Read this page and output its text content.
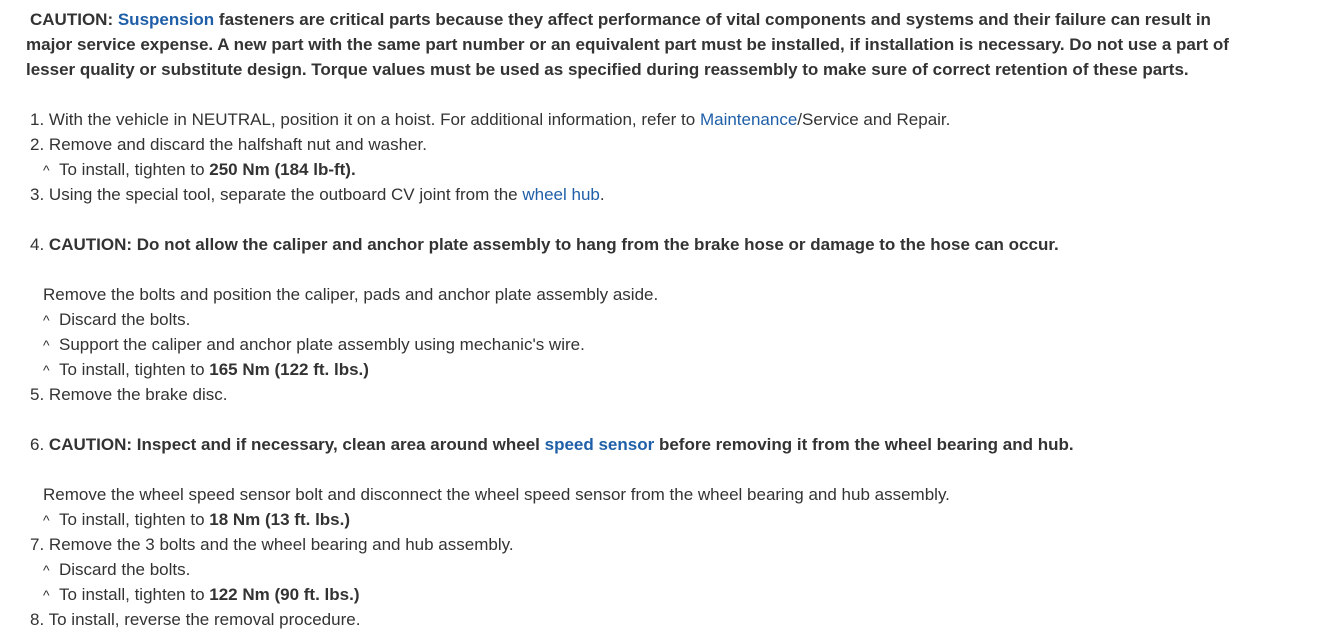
CAUTION: Suspension fasteners are critical parts because they affect performance of vital components and systems and their failure can result in major service expense. A new part with the same part number or an equivalent part must be installed, if installation is necessary. Do not use a part of lesser quality or substitute design. Torque values must be used as specified during reassembly to make sure of correct retention of these parts.
1. With the vehicle in NEUTRAL, position it on a hoist. For additional information, refer to Maintenance/Service and Repair.
2. Remove and discard the halfshaft nut and washer.
^ To install, tighten to 250 Nm (184 lb-ft).
3. Using the special tool, separate the outboard CV joint from the wheel hub.
4. CAUTION: Do not allow the caliper and anchor plate assembly to hang from the brake hose or damage to the hose can occur.
Remove the bolts and position the caliper, pads and anchor plate assembly aside.
^ Discard the bolts.
^ Support the caliper and anchor plate assembly using mechanic's wire.
^ To install, tighten to 165 Nm (122 ft. lbs.)
5. Remove the brake disc.
6. CAUTION: Inspect and if necessary, clean area around wheel speed sensor before removing it from the wheel bearing and hub.
Remove the wheel speed sensor bolt and disconnect the wheel speed sensor from the wheel bearing and hub assembly.
^ To install, tighten to 18 Nm (13 ft. lbs.)
7. Remove the 3 bolts and the wheel bearing and hub assembly.
^ Discard the bolts.
^ To install, tighten to 122 Nm (90 ft. lbs.)
8. To install, reverse the removal procedure.
